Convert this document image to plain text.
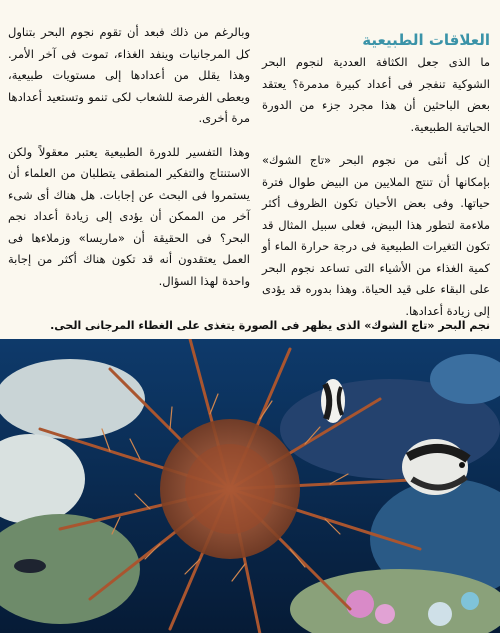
العلاقات الطبيعية

ما الذى جعل الكثافة العددية لنجوم البحر الشوكية تنفجر فى أعداد كبيرة مدمرة؟ يعتقد بعض الباحثين أن هذا مجرد جزء من الدورة الحياتية الطبيعية.

إن كل أنثى من نجوم البحر «تاج الشوك» بإمكانها أن تنتج الملايين من البيض طوال فترة حياتها. وفى بعض الأحيان تكون الظروف أكثر ملاءمة لتطور هذا البيض، فعلى سبيل المثال قد تكون التغيرات الطبيعية فى درجة حرارة الماء أو كمية الغذاء من الأشياء التى تساعد نجوم البحر على البقاء على قيد الحياة. وهذا بدوره قد يؤدى إلى زيادة أعدادها.

وبالرغم من ذلك فبعد أن تقوم نجوم البحر بتناول كل المرجانيات وينفد الغذاء، تموت فى آخر الأمر. وهذا يقلل من أعدادها إلى مستويات طبيعية، ويعطى الفرصة للشعاب لكى تنمو وتستعيد أعدادها مرة أخرى.

وهذا التفسير للدورة الطبيعية يعتبر معقولاً ولكن الاستنتاج والتفكير المنطقى يتطلبان من العلماء أن يستمروا فى البحث عن إجابات. هل هناك أى شىء آخر من الممكن أن يؤدى إلى زيادة أعداد نجم البحر؟ فى الحقيقة أن «ماريسا» وزملاءها فى العمل يعتقدون أنه قد تكون هناك أكثر من إجابة واحدة لهذا السؤال.

نجم البحر «تاج الشوك» الذى يظهر فى الصورة يتغذى على الغطاء المرجانى الحى.
